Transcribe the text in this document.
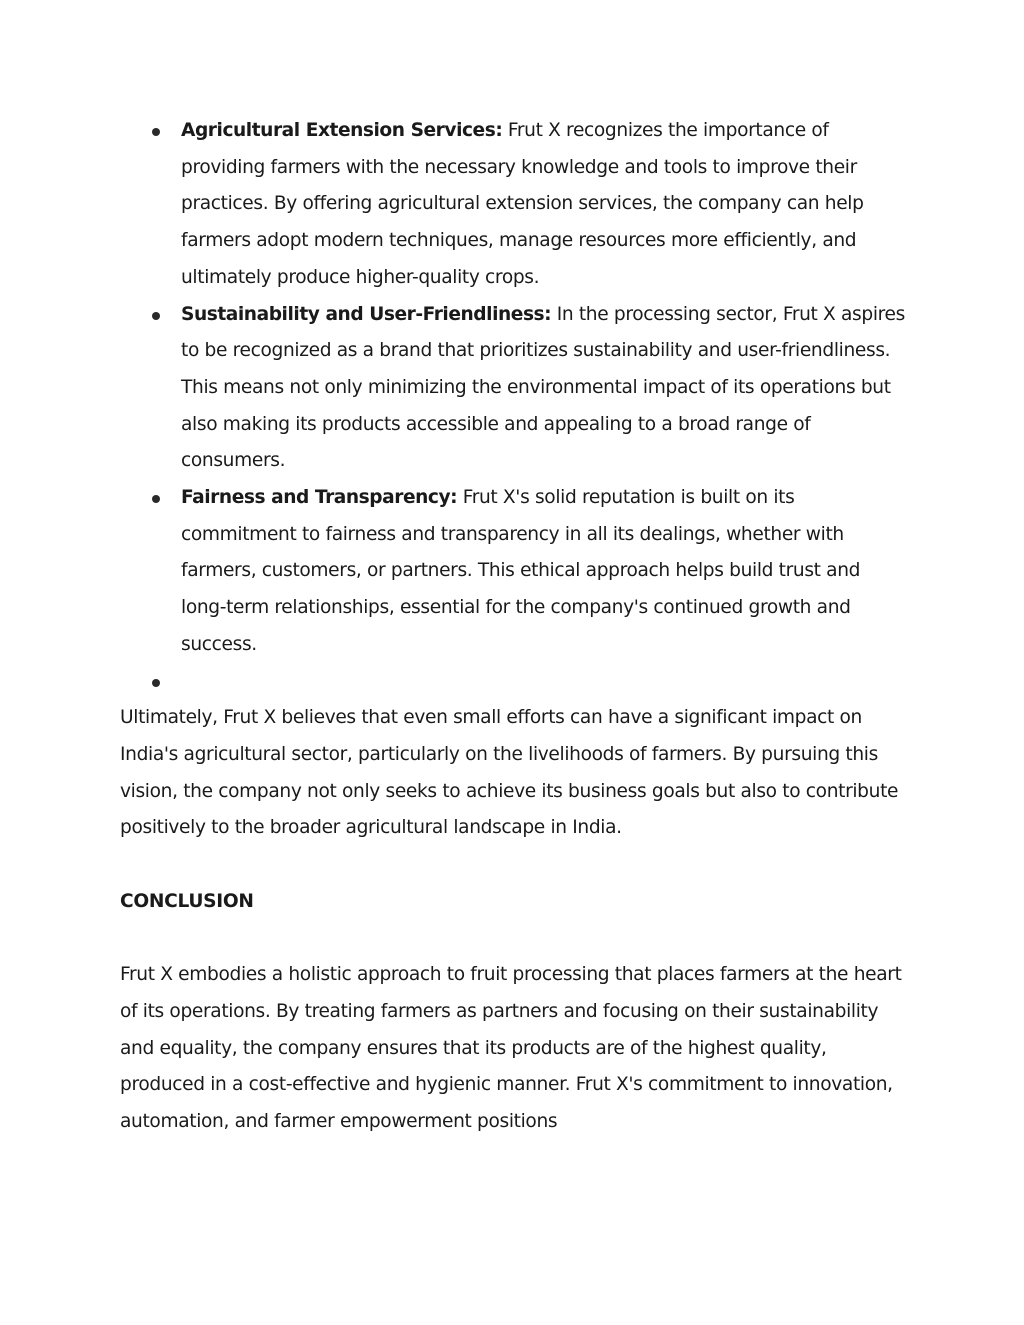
Agricultural Extension Services: Frut X recognizes the importance of providing farmers with the necessary knowledge and tools to improve their practices. By offering agricultural extension services, the company can help farmers adopt modern techniques, manage resources more efficiently, and ultimately produce higher-quality crops.
Sustainability and User-Friendliness: In the processing sector, Frut X aspires to be recognized as a brand that prioritizes sustainability and user-friendliness. This means not only minimizing the environmental impact of its operations but also making its products accessible and appealing to a broad range of consumers.
Fairness and Transparency: Frut X's solid reputation is built on its commitment to fairness and transparency in all its dealings, whether with farmers, customers, or partners. This ethical approach helps build trust and long-term relationships, essential for the company's continued growth and success.

Ultimately, Frut X believes that even small efforts can have a significant impact on India's agricultural sector, particularly on the livelihoods of farmers. By pursuing this vision, the company not only seeks to achieve its business goals but also to contribute positively to the broader agricultural landscape in India.

CONCLUSION

Frut X embodies a holistic approach to fruit processing that places farmers at the heart of its operations. By treating farmers as partners and focusing on their sustainability and equality, the company ensures that its products are of the highest quality, produced in a cost-effective and hygienic manner. Frut X's commitment to innovation, automation, and farmer empowerment positions
